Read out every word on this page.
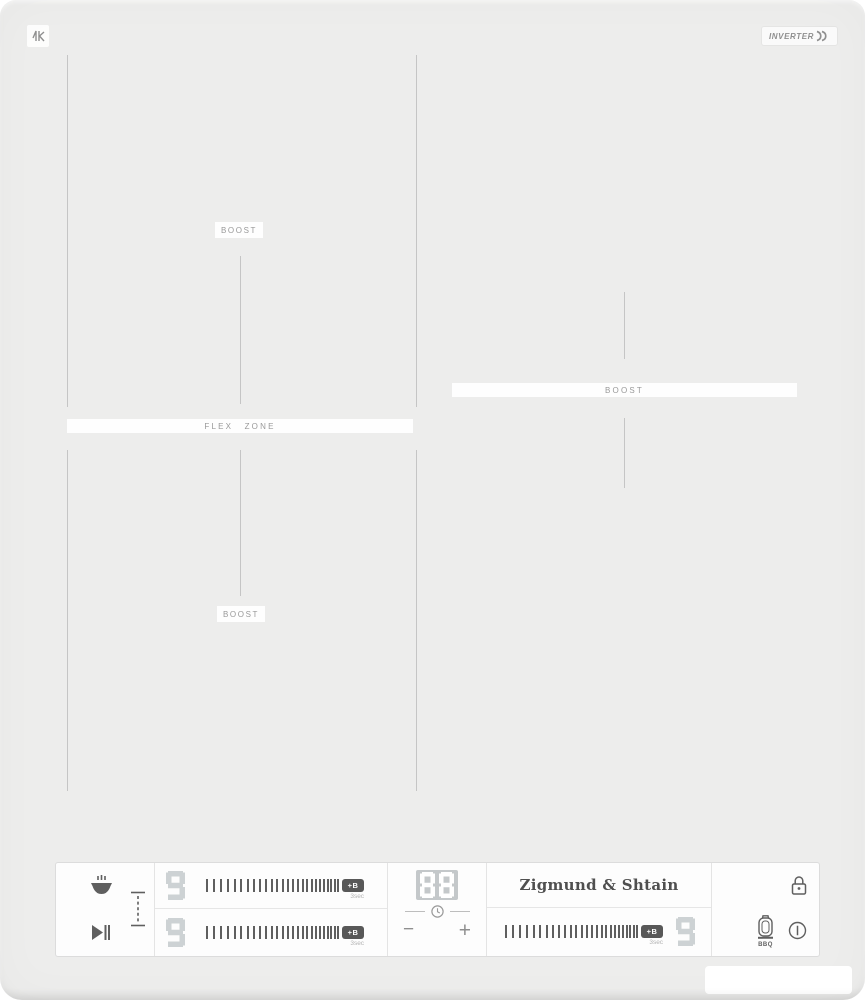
INVERTER
BOOST
FLEX ZONE
BOOST
BOOST
+B
3sec
+B
3sec
− +
Zigmund & Shtain
+B
3sec	BBQ
